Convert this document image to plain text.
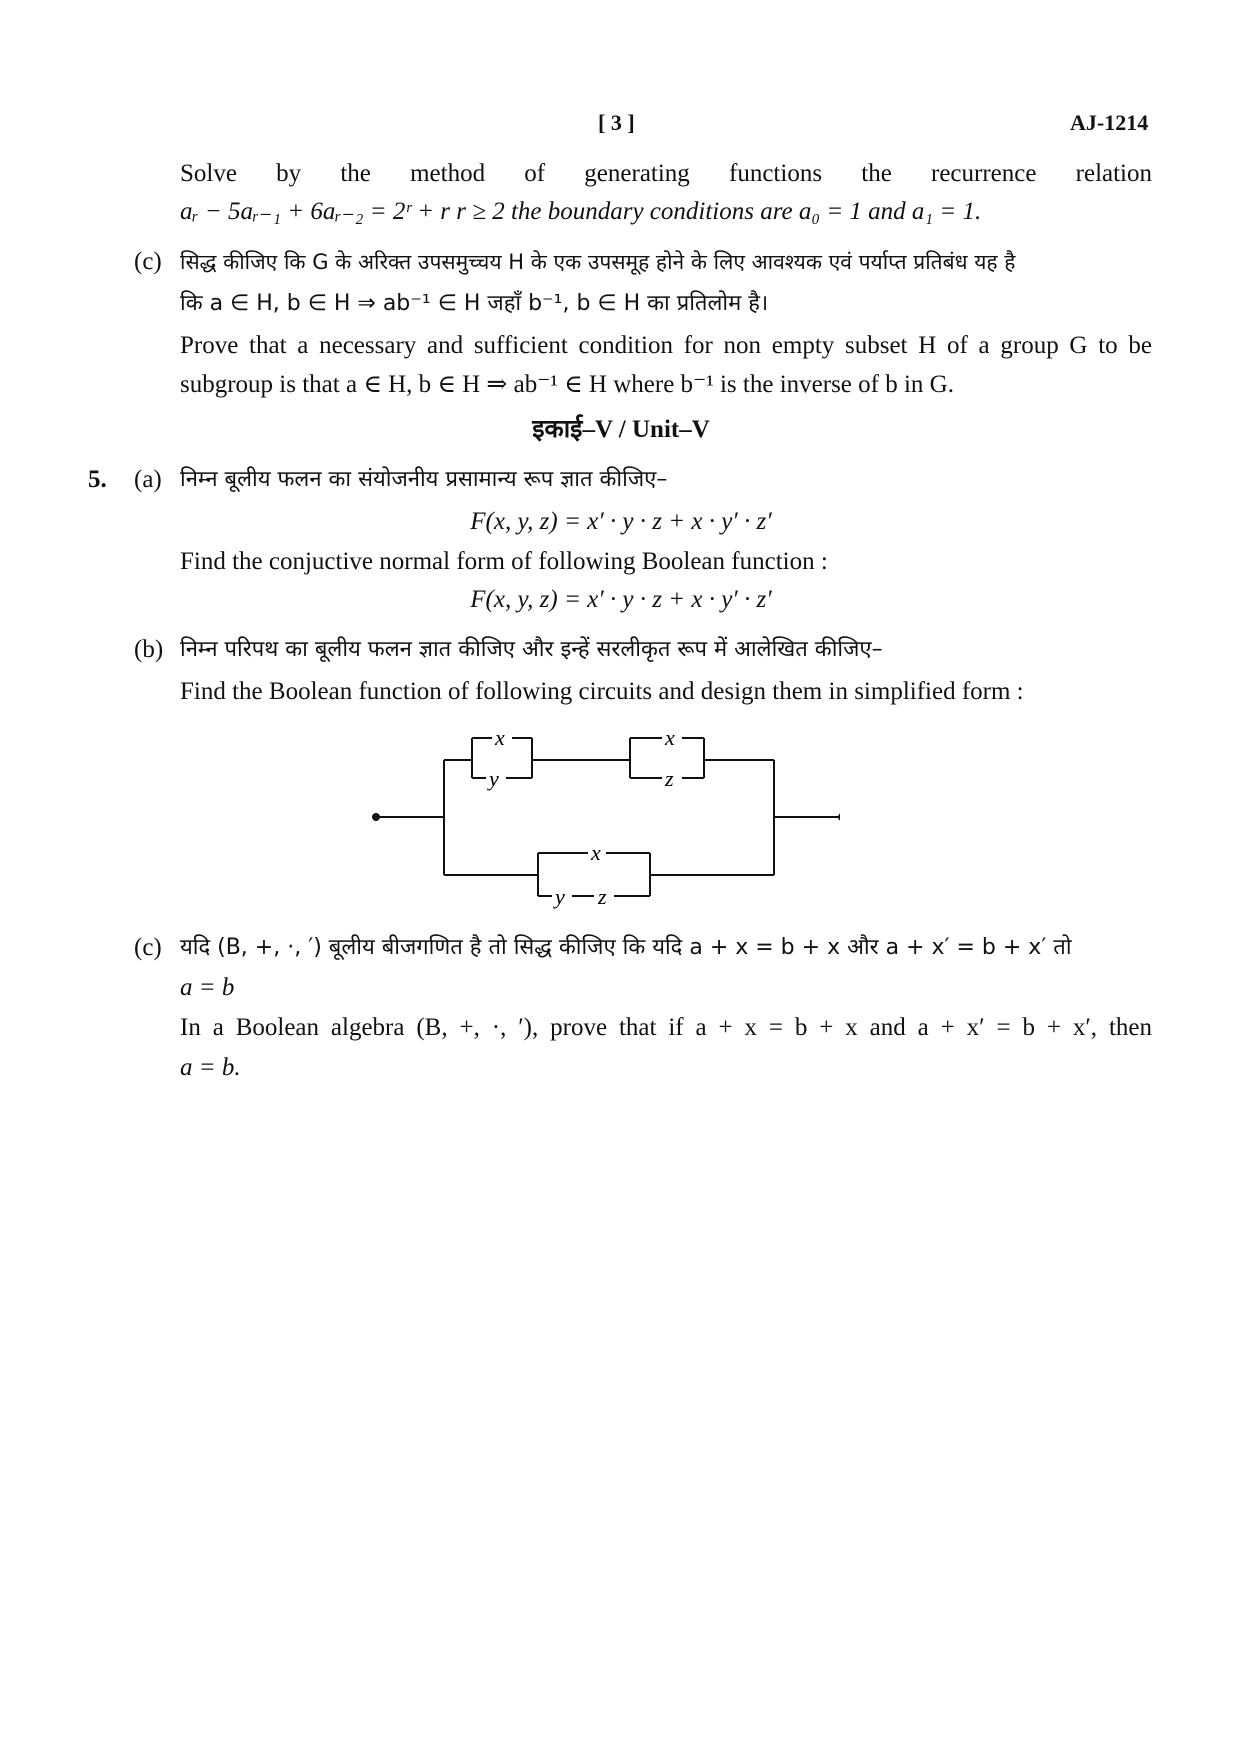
[ 3 ]	AJ-1214
Solve by the method of generating functions the recurrence relation
aᵣ − 5aᵣ₋₁ + 6aᵣ₋₂ = 2ʳ + r r ≥ 2 the boundary conditions are a₀ = 1 and a₁ = 1.
(c) सिद्ध कीजिए कि G के अरिक्त उपसमुच्चय H के एक उपसमूह होने के लिए आवश्यक एवं पर्याप्त प्रतिबंध यह है
कि a ∈ H, b ∈ H ⇒ ab⁻¹ ∈ H जहाँ b⁻¹, b ∈ H का प्रतिलोम है।
Prove that a necessary and sufficient condition for non empty subset H of a group G to be
subgroup is that a ∈ H, b ∈ H ⇒ ab⁻¹ ∈ H where b⁻¹ is the inverse of b in G.
इकाई–V / Unit–V
5. (a) निम्न बूलीय फलन का संयोजनीय प्रसामान्य रूप ज्ञात कीजिए–
F(x, y, z) = x′ · y · z + x · y′ · z′
Find the conjuctive normal form of following Boolean function :
F(x, y, z) = x′ · y · z + x · y′ · z′
(b) निम्न परिपथ का बूलीय फलन ज्ञात कीजिए और इन्हें सरलीकृत रूप में आलेखित कीजिए–
Find the Boolean function of following circuits and design them in simplified form :
x
y
x
z
x
y z
(c) यदि (B, +, ·, ′) बूलीय बीजगणित है तो सिद्ध कीजिए कि यदि a + x = b + x और a + x′ = b + x′ तो
a = b
In a Boolean algebra (B, +, ·, ′), prove that if a + x = b + x and a + x′ = b + x′, then
a = b.
